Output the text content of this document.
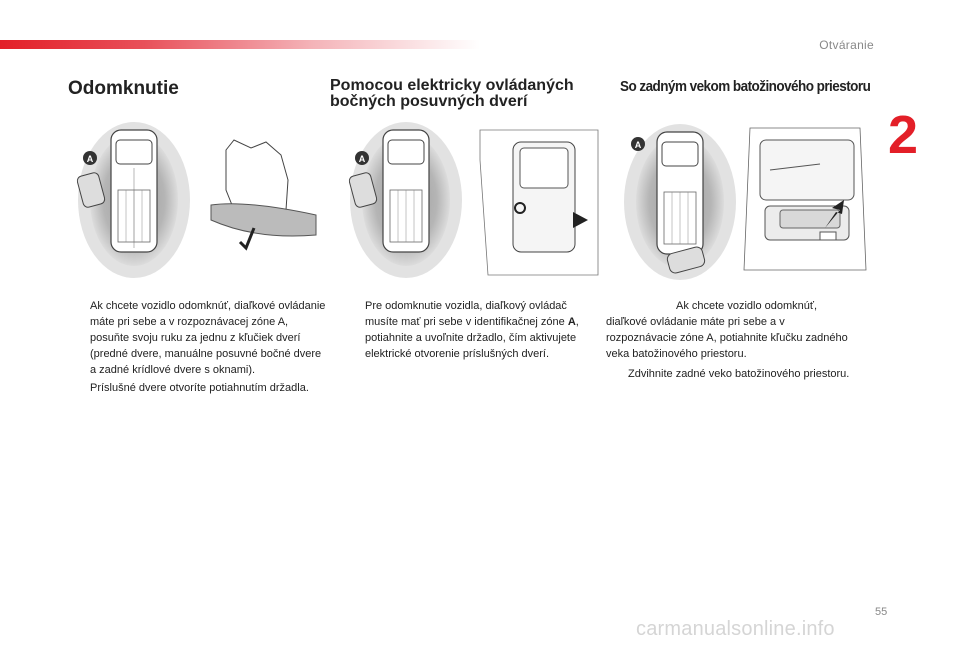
Otváranie
2
Odomknutie	Pomocou elektricky ovládaných
bočných posuvných dverí
So zadným vekom batožinového priestoru
A	A
A

Ak chcete vozidlo odomknúť, diaľkové ovládanie máte pri sebe a v rozpoznávacej zóne A, posuňte svoju ruku za jednu z kľučiek dverí (predné dvere, manuálne posuvné bočné dvere a zadné krídlové dvere s oknami).

Príslušné dvere otvoríte potiahnutím držadla.

Pre odomknutie vozidla, diaľkový ovládač musíte mať pri sebe v identifikačnej zóne A, potiahnite a uvoľnite držadlo, čím aktivujete elektrické otvorenie príslušných dverí.

Ak chcete vozidlo odomknúť, diaľkové ovládanie máte pri sebe a v rozpoznávacie zóne A, potiahnite kľučku zadného veka batožinového priestoru.

Zdvihnite zadné veko batožinového priestoru.

55
carmanualsonline.info
